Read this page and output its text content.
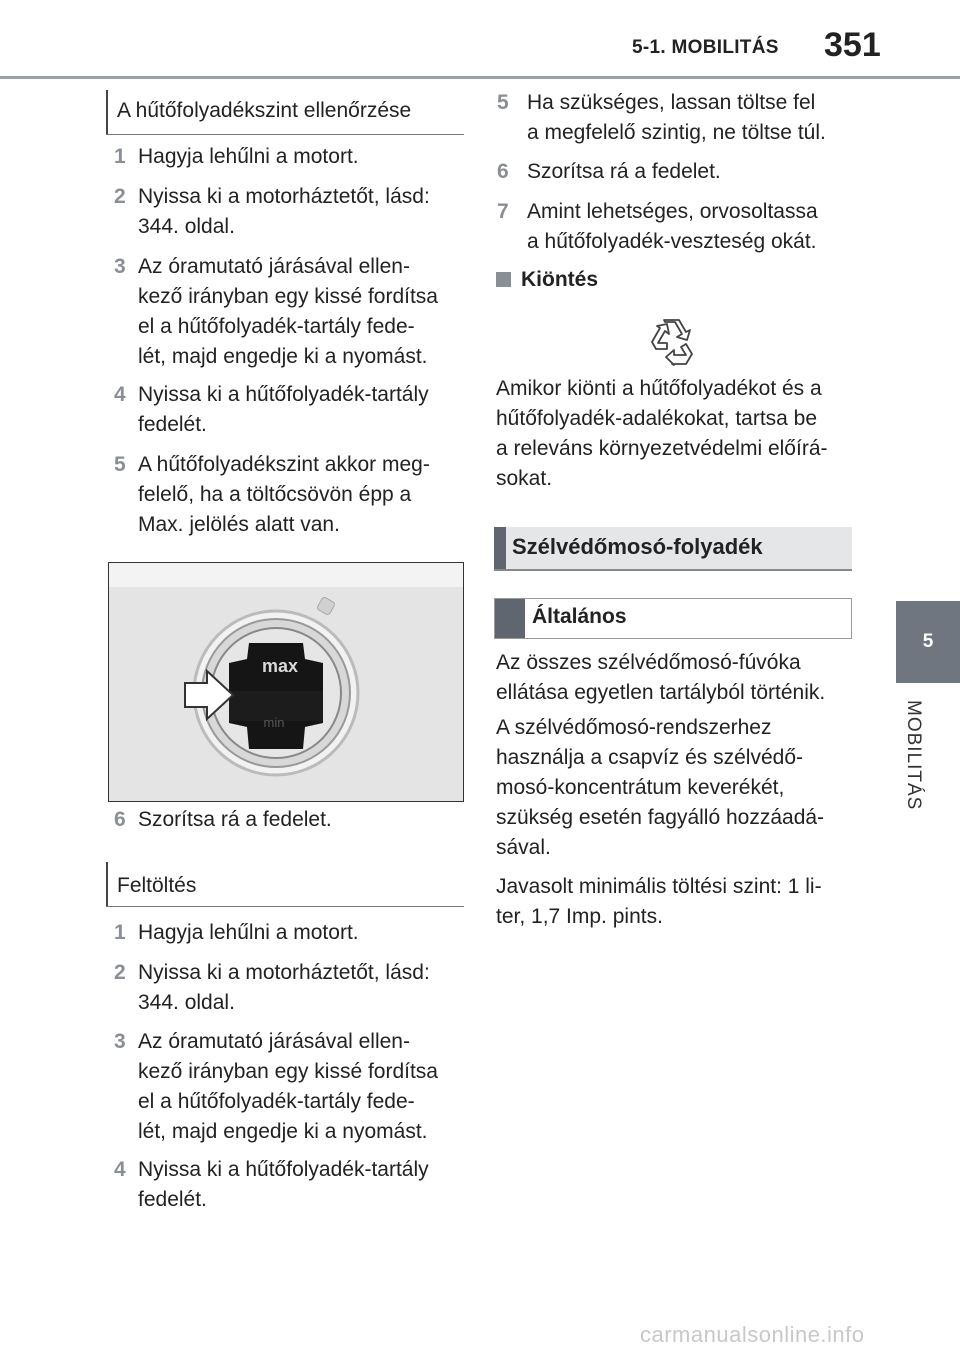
5-1. MOBILITÁS 351
5
MOBILITÁS
A hűtőfolyadékszint ellenőrzése
1 Hagyja lehűlni a motort.
2 Nyissa ki a motorháztetőt, lásd:
344. oldal.
3 Az óramutató járásával ellen-
kező irányban egy kissé fordítsa
el a hűtőfolyadék-tartály fede-
lét, majd engedje ki a nyomást.
4 Nyissa ki a hűtőfolyadék-tartály
fedelét.
5 A hűtőfolyadékszint akkor meg-
felelő, ha a töltőcsövön épp a
Max. jelölés alatt van.
max
min
6 Szorítsa rá a fedelet.
Feltöltés
1 Hagyja lehűlni a motort.
2 Nyissa ki a motorháztetőt, lásd:
344. oldal.
3 Az óramutató járásával ellen-
kező irányban egy kissé fordítsa
el a hűtőfolyadék-tartály fede-
lét, majd engedje ki a nyomást.
4 Nyissa ki a hűtőfolyadék-tartály
fedelét.
5 Ha szükséges, lassan töltse fel
a megfelelő szintig, ne töltse túl.
6 Szorítsa rá a fedelet.
7 Amint lehetséges, orvosoltassa
a hűtőfolyadék-veszteség okát.
Kiöntés
Amikor kiönti a hűtőfolyadékot és a
hűtőfolyadék-adalékokat, tartsa be
a releváns környezetvédelmi előírá-
sokat.
Szélvédőmosó-folyadék
Általános
Az összes szélvédőmosó-fúvóka
ellátása egyetlen tartályból történik.
A szélvédőmosó-rendszerhez
használja a csapvíz és szélvédő-
mosó-koncentrátum keverékét,
szükség esetén fagyálló hozzáadá-
sával.
Javasolt minimális töltési szint: 1 li-
ter, 1,7 Imp. pints.
carmanualsonline.info
